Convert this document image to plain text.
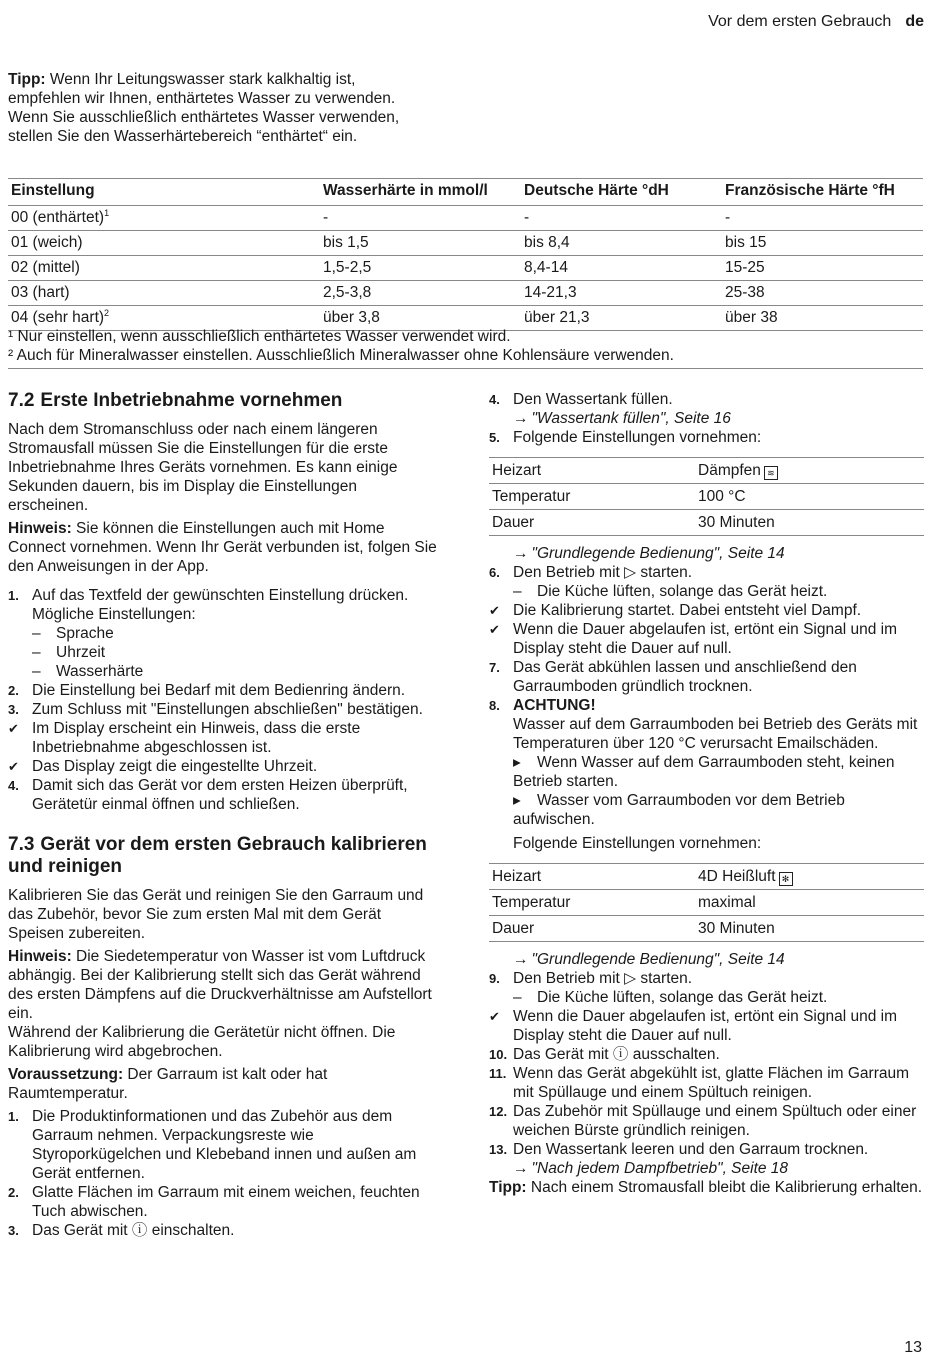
Vor dem ersten Gebrauch de
Tipp: Wenn Ihr Leitungswasser stark kalkhaltig ist, empfehlen wir Ihnen, enthärtetes Wasser zu verwenden. Wenn Sie ausschließlich enthärtetes Wasser verwenden, stellen Sie den Wasserhärtebereich “enthärtet“ ein.
Einstellung	Wasserhärte in mmol/l	Deutsche Härte °dH	Französische Härte °fH
00 (enthärtet)$^1$	-	-	-
01 (weich)	bis 1,5	bis 8,4	bis 15
02 (mittel)	1,5-2,5	8,4-14	15-25
03 (hart)	2,5-3,8	14-21,3	25-38
04 (sehr hart)$^2$	über 3,8	über 21,3	über 38
¹ Nur einstellen, wenn ausschließlich enthärtetes Wasser verwendet wird.
² Auch für Mineralwasser einstellen. Ausschließlich Mineralwasser ohne Kohlensäure verwenden.
7.2 Erste Inbetriebnahme vornehmen

Nach dem Stromanschluss oder nach einem längeren Stromausfall müssen Sie die Einstellungen für die erste Inbetriebnahme Ihres Geräts vornehmen. Es kann einige Sekunden dauern, bis im Display die Einstellungen erscheinen.

Hinweis: Sie können die Einstellungen auch mit Home Connect vornehmen. Wenn Ihr Gerät verbunden ist, folgen Sie den Anweisungen in der App.

1. Auf das Textfeld der gewünschten Einstellung drücken.
Mögliche Einstellungen:
– Sprache
– Uhrzeit
– Wasserhärte
2. Die Einstellung bei Bedarf mit dem Bedienring ändern.
3. Zum Schluss mit "Einstellungen abschließen" bestätigen.
✔ Im Display erscheint ein Hinweis, dass die erste Inbetriebnahme abgeschlossen ist.
✔ Das Display zeigt die eingestellte Uhrzeit.
4. Damit sich das Gerät vor dem ersten Heizen überprüft, Gerätetür einmal öffnen und schließen.
7.3 Gerät vor dem ersten Gebrauch kalibrieren und reinigen

Kalibrieren Sie das Gerät und reinigen Sie den Garraum und das Zubehör, bevor Sie zum ersten Mal mit dem Gerät Speisen zubereiten.

Hinweis: Die Siedetemperatur von Wasser ist vom Luftdruck abhängig. Bei der Kalibrierung stellt sich das Gerät während des ersten Dämpfens auf die Druckverhältnisse am Aufstellort ein.

Während der Kalibrierung die Gerätetür nicht öffnen. Die Kalibrierung wird abgebrochen.

Voraussetzung: Der Garraum ist kalt oder hat Raumtemperatur.

1. Die Produktinformationen und das Zubehör aus dem Garraum nehmen. Verpackungsreste wie Styroporkügelchen und Klebeband innen und außen am Gerät entfernen.
2. Glatte Flächen im Garraum mit einem weichen, feuchten Tuch abwischen.
3. Das Gerät mit ⓘ einschalten.
4. Den Wassertank füllen.
→ "Wassertank füllen", Seite 16
5. Folgende Einstellungen vornehmen:
Heizart	Dämpfen ≋
Temperatur	100 °C
Dauer	30 Minuten
→ "Grundlegende Bedienung", Seite 14
6. Den Betrieb mit ▷ starten.
– Die Küche lüften, solange das Gerät heizt.
✔ Die Kalibrierung startet. Dabei entsteht viel Dampf.
✔ Wenn die Dauer abgelaufen ist, ertönt ein Signal und im Display steht die Dauer auf null.
7. Das Gerät abkühlen lassen und anschließend den Garraumboden gründlich trocknen.
8. ACHTUNG!
Wasser auf dem Garraumboden bei Betrieb des Geräts mit Temperaturen über 120 °C verursacht Emailschäden.
▸ Wenn Wasser auf dem Garraumboden steht, keinen Betrieb starten.
▸ Wasser vom Garraumboden vor dem Betrieb aufwischen.
Folgende Einstellungen vornehmen:
Heizart	4D Heißluft ✻
Temperatur	maximal
Dauer	30 Minuten
→ "Grundlegende Bedienung", Seite 14
9. Den Betrieb mit ▷ starten.
– Die Küche lüften, solange das Gerät heizt.
✔ Wenn die Dauer abgelaufen ist, ertönt ein Signal und im Display steht die Dauer auf null.
10. Das Gerät mit ⓘ ausschalten.
11. Wenn das Gerät abgekühlt ist, glatte Flächen im Garraum mit Spüllauge und einem Spültuch reinigen.
12. Das Zubehör mit Spüllauge und einem Spültuch oder einer weichen Bürste gründlich reinigen.
13. Den Wassertank leeren und den Garraum trocknen.
→ "Nach jedem Dampfbetrieb", Seite 18

Tipp: Nach einem Stromausfall bleibt die Kalibrierung erhalten.

13
